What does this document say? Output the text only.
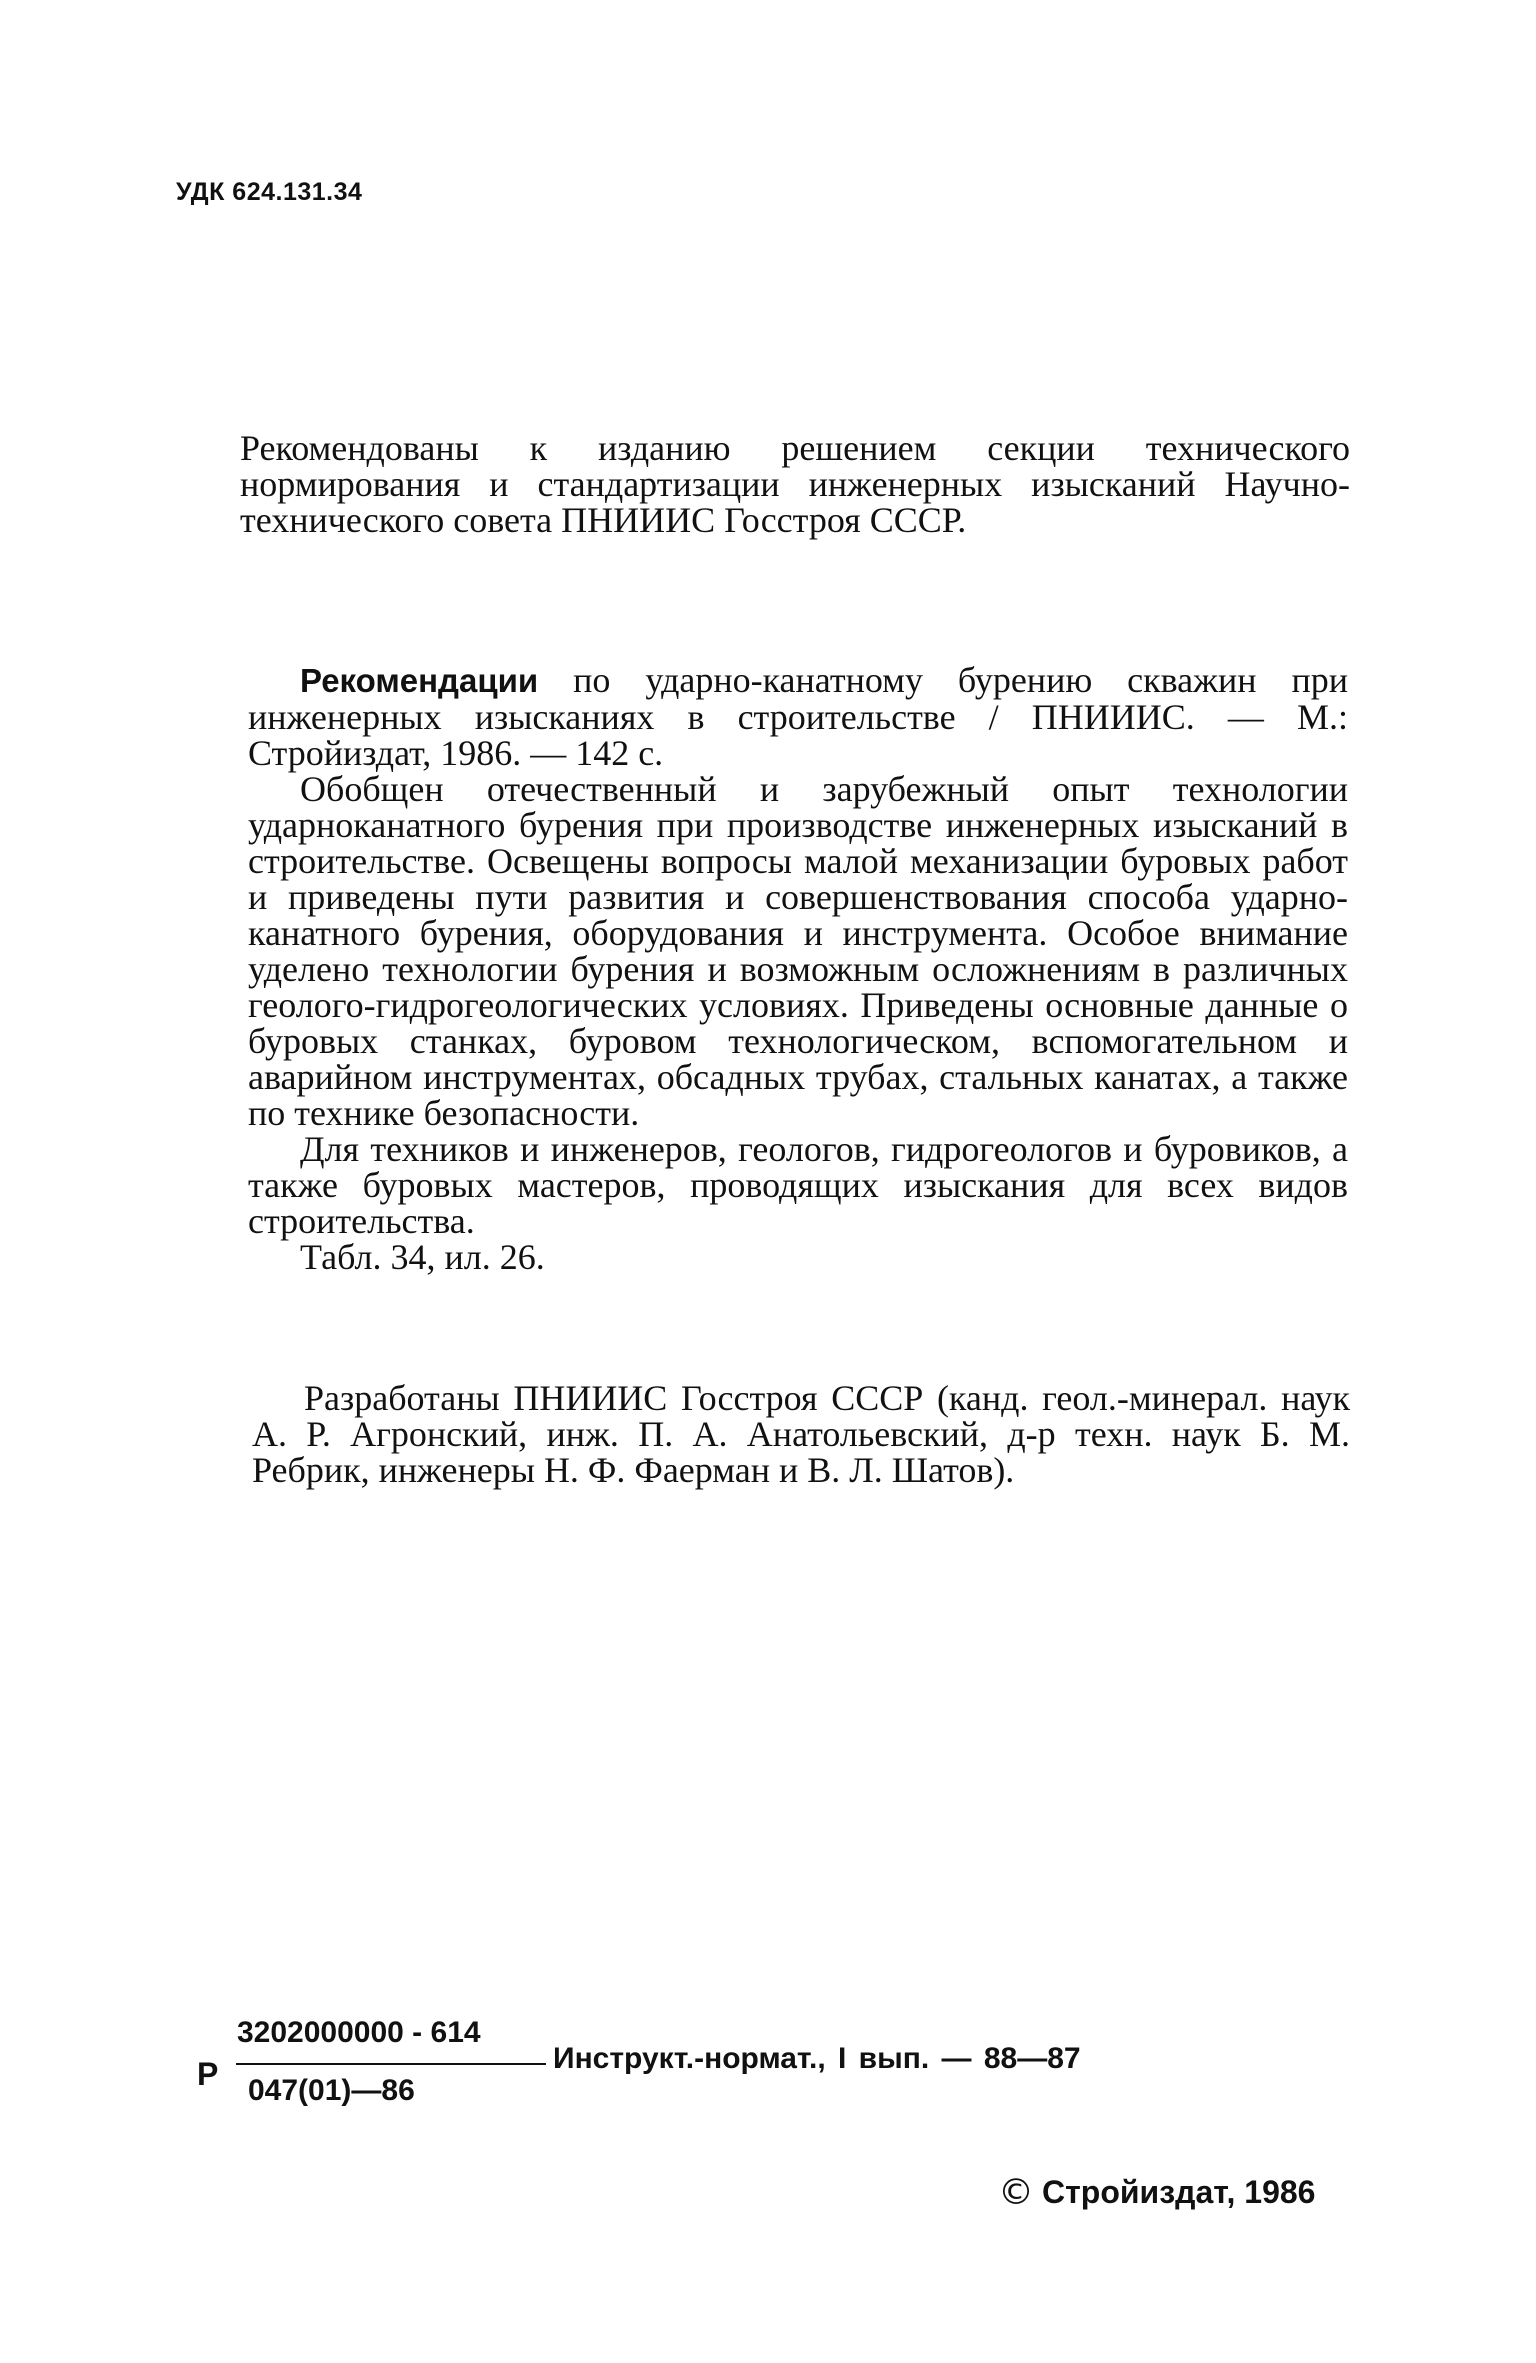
УДК 624.131.34

Рекомендованы к изданию решением секции технического нормирования и стандартизации инженерных изысканий Научно-технического совета ПНИИИС Госстроя СССР.

Рекомендации по ударно-канатному бурению скважин при инженерных изысканиях в строительстве / ПНИИИС. — М.: Стройиздат, 1986. — 142 с.
Обобщен отечественный и зарубежный опыт технологии ударноканатного бурения при производстве инженерных изысканий в строительстве. Освещены вопросы малой механизации буровых работ и приведены пути развития и совершенствования способа ударно-канатного бурения, оборудования и инструмента. Особое внимание уделено технологии бурения и возможным осложнениям в различных геолого-гидрогеологических условиях. Приведены основные данные о буровых станках, буровом технологическом, вспомогательном и аварийном инструментах, обсадных трубах, стальных канатах, а также по технике безопасности.
Для техников и инженеров, геологов, гидрогеологов и буровиков, а также буровых мастеров, проводящих изыскания для всех видов строительства.
Табл. 34, ил. 26.
Разработаны ПНИИИС Госстроя СССР (канд. геол.-минерал. наук А. Р. Агронский, инж. П. А. Анатольевский, д-р техн. наук Б. М. Ребрик, инженеры Н. Ф. Фаерман и В. Л. Шатов).
Р
3202000000 - 614
047(01)—86
Инструкт.-нормат., I вып. — 88—87
© Стройиздат, 1986
